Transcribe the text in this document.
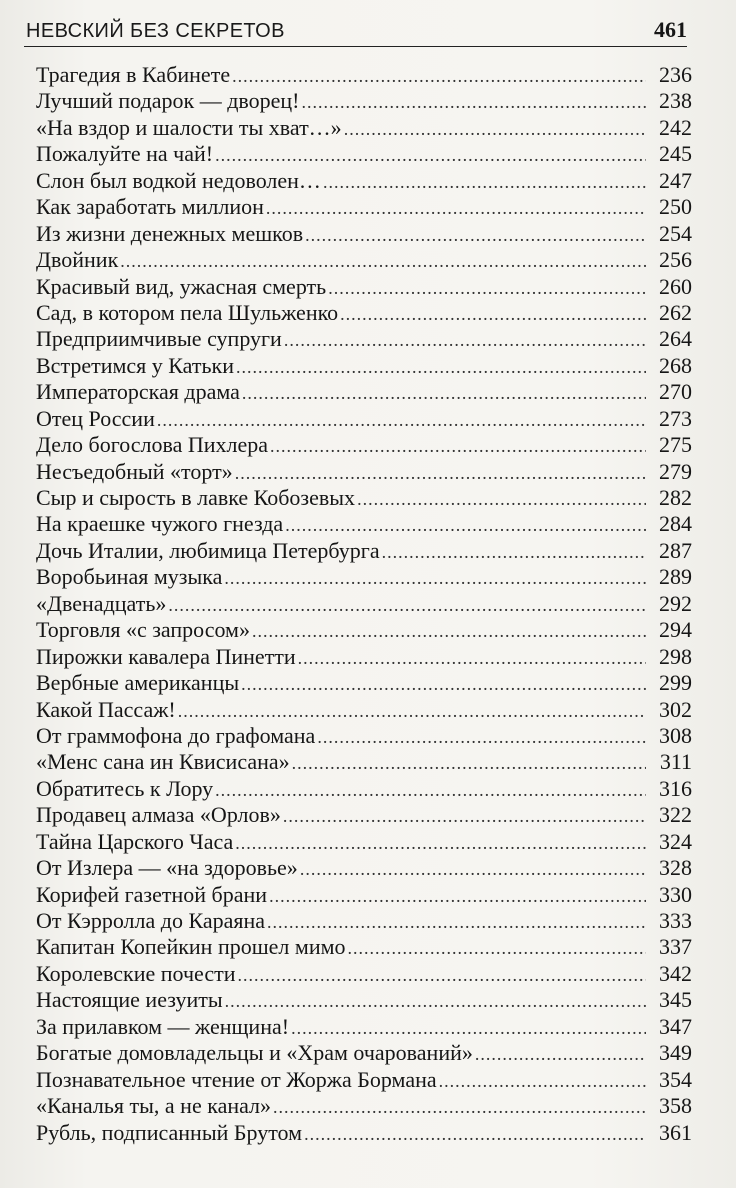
НЕВСКИЙ БЕЗ СЕКРЕТОВ	461
Трагедия в Кабинете .....	236
Лучший подарок — дворец! .....	238
«На вздор и шалости ты хват…» .....	242
Пожалуйте на чай! .....	245
Слон был водкой недоволен… .....	247
Как заработать миллион .....	250
Из жизни денежных мешков .....	254
Двойник .....	256
Красивый вид, ужасная смерть .....	260
Сад, в котором пела Шульженко .....	262
Предприимчивые супруги .....	264
Встретимся у Катьки .....	268
Императорская драма .....	270
Отец России .....	273
Дело богослова Пихлера .....	275
Несъедобный «торт» .....	279
Сыр и сырость в лавке Кобозевых .....	282
На краешке чужого гнезда .....	284
Дочь Италии, любимица Петербурга .....	287
Воробьиная музыка .....	289
«Двенадцать» .....	292
Торговля «с запросом» .....	294
Пирожки кавалера Пинетти .....	298
Вербные американцы .....	299
Какой Пассаж! .....	302
От граммофона до графомана .....	308
«Менс сана ин Квисисана» .....	311
Обратитесь к Лору .....	316
Продавец алмаза «Орлов» .....	322
Тайна Царского Часа .....	324
От Излера — «на здоровье» .....	328
Корифей газетной брани .....	330
От Кэрролла до Караяна .....	333
Капитан Копейкин прошел мимо .....	337
Королевские почести .....	342
Настоящие иезуиты .....	345
За прилавком — женщина! .....	347
Богатые домовладельцы и «Храм очарований» .....	349
Познавательное чтение от Жоржа Бормана .....	354
«Каналья ты, а не канал» .....	358
Рубль, подписанный Брутом .....	361
